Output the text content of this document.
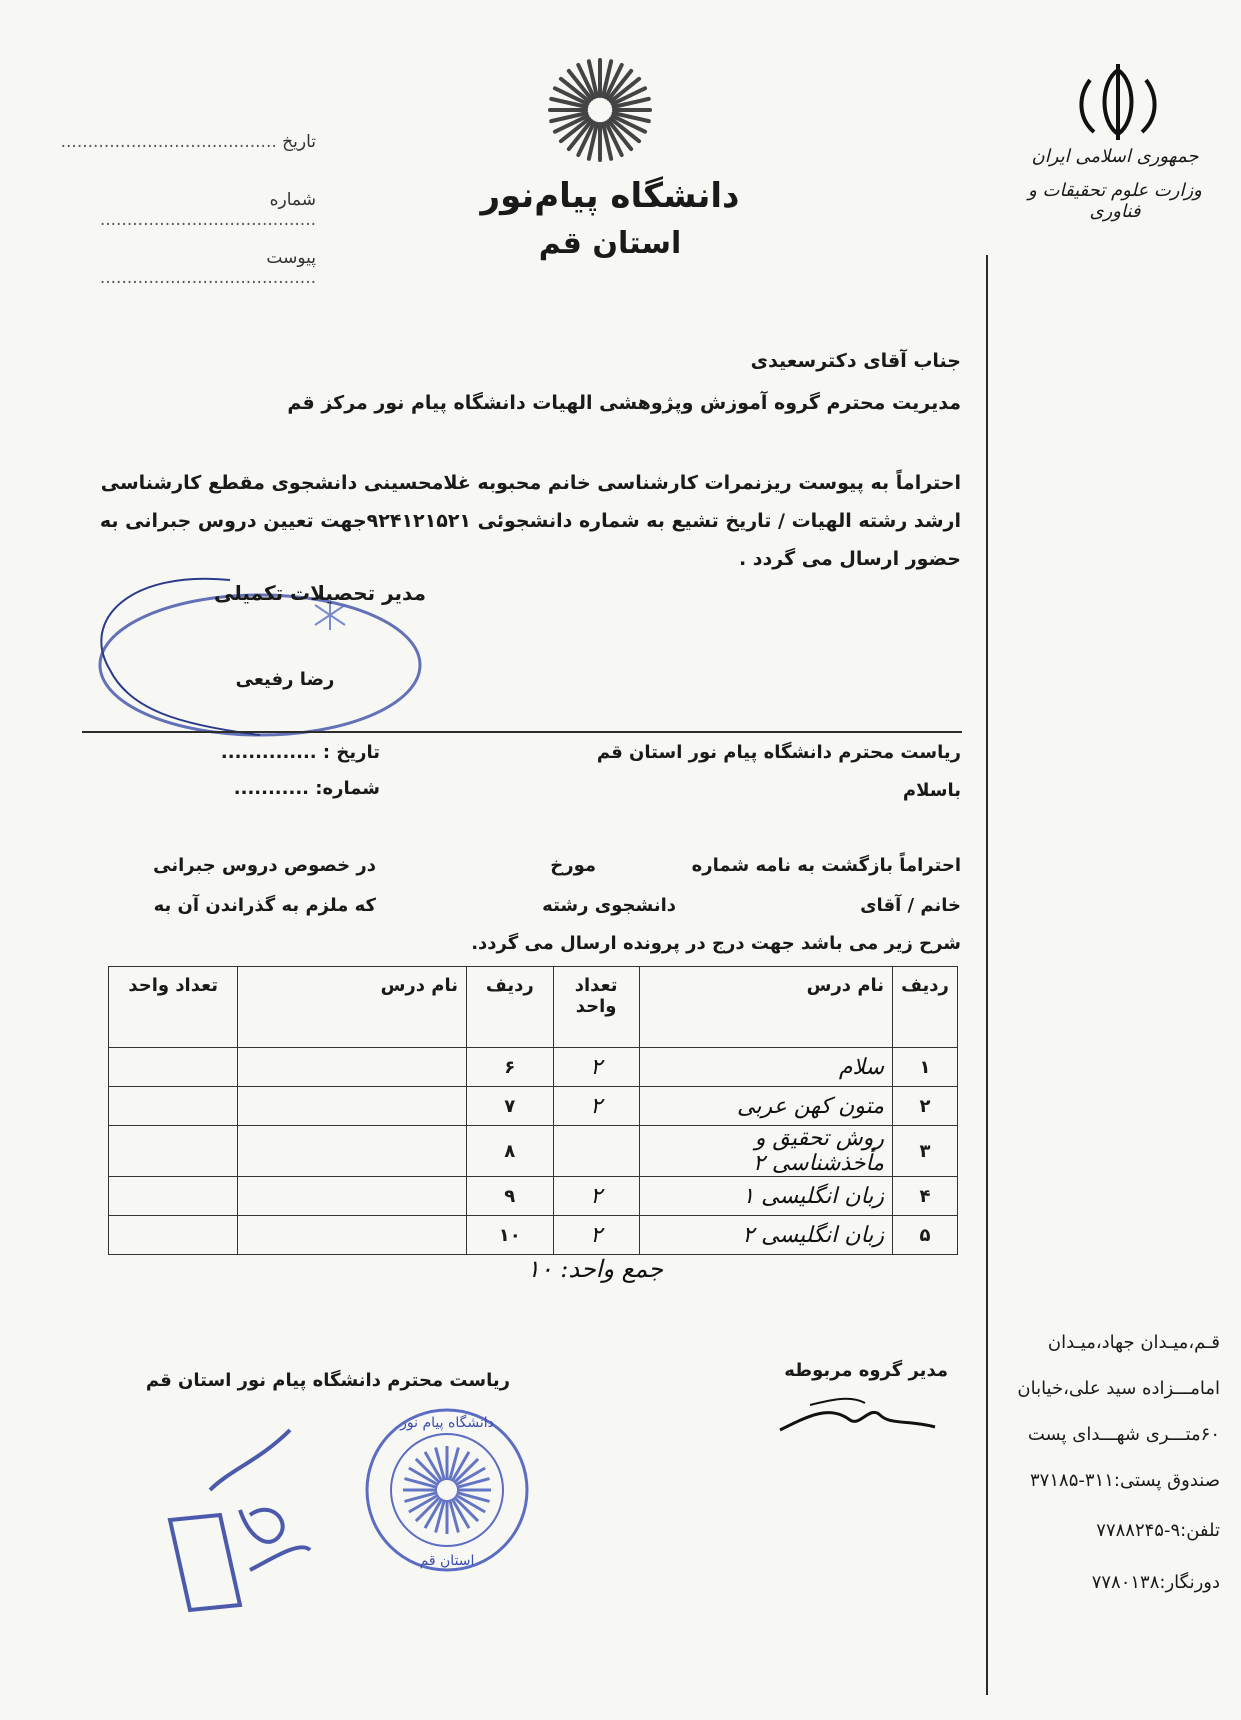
جمهوری اسلامی ایران
وزارت علوم تحقیقات و فناوری
دانشگاه پیام‌نور
استان قم
تاریخ ........................................
شماره ........................................
پیوست ........................................
جناب آقای دکترسعیدی
مدیریت محترم گروه آموزش وپژوهشی الهیات دانشگاه پیام نور مرکز قم
احتراماً به پیوست ریزنمرات کارشناسی خانم محبوبه غلامحسینی دانشجوی مقطع کارشناسی
ارشد رشته الهیات / تاریخ تشیع به شماره دانشجوئی ۹۲۴۱۲۱۵۲۱جهت تعیین دروس جبرانی به
حضور ارسال می گردد .
مدیر تحصیلات تکمیلی
رضا رفیعی
تاریخ : ..............
شماره: ...........
ریاست محترم دانشگاه پیام نور استان قم
باسلام
احتراماً بازگشت به نامه شماره
مورخ
در خصوص دروس جبرانی
خانم / آقای
دانشجوی رشته
که ملزم به گذراندن آن به
شرح زیر می باشد جهت درج در پرونده ارسال می گردد.
ردیف	نام درس	تعداد واحد	ردیف	نام درس	تعداد واحد
۱	سلام	۲	۶		
۲	متون کهن عربی	۲	۷		
۳	روش تحقیق و مأخذشناسی ۲		۸		
۴	زبان انگلیسی ۱	۲	۹		
۵	زبان انگلیسی ۲	۲	۱۰		
جمع واحد: ۱۰
مدیر گروه مربوطه
ریاست محترم دانشگاه پیام نور استان قم
دانشگاه پیام نور
استان قم
قـم،میـدان جهاد،میـدان
امامـــزاده سید علی،خیابان
۶۰متـــری شهـــدای پست
صندوق پستی:۳۱۱-۳۷۱۸۵
تلفن:۹-۷۷۸۸۲۴۵
دورنگار:۷۷۸۰۱۳۸
